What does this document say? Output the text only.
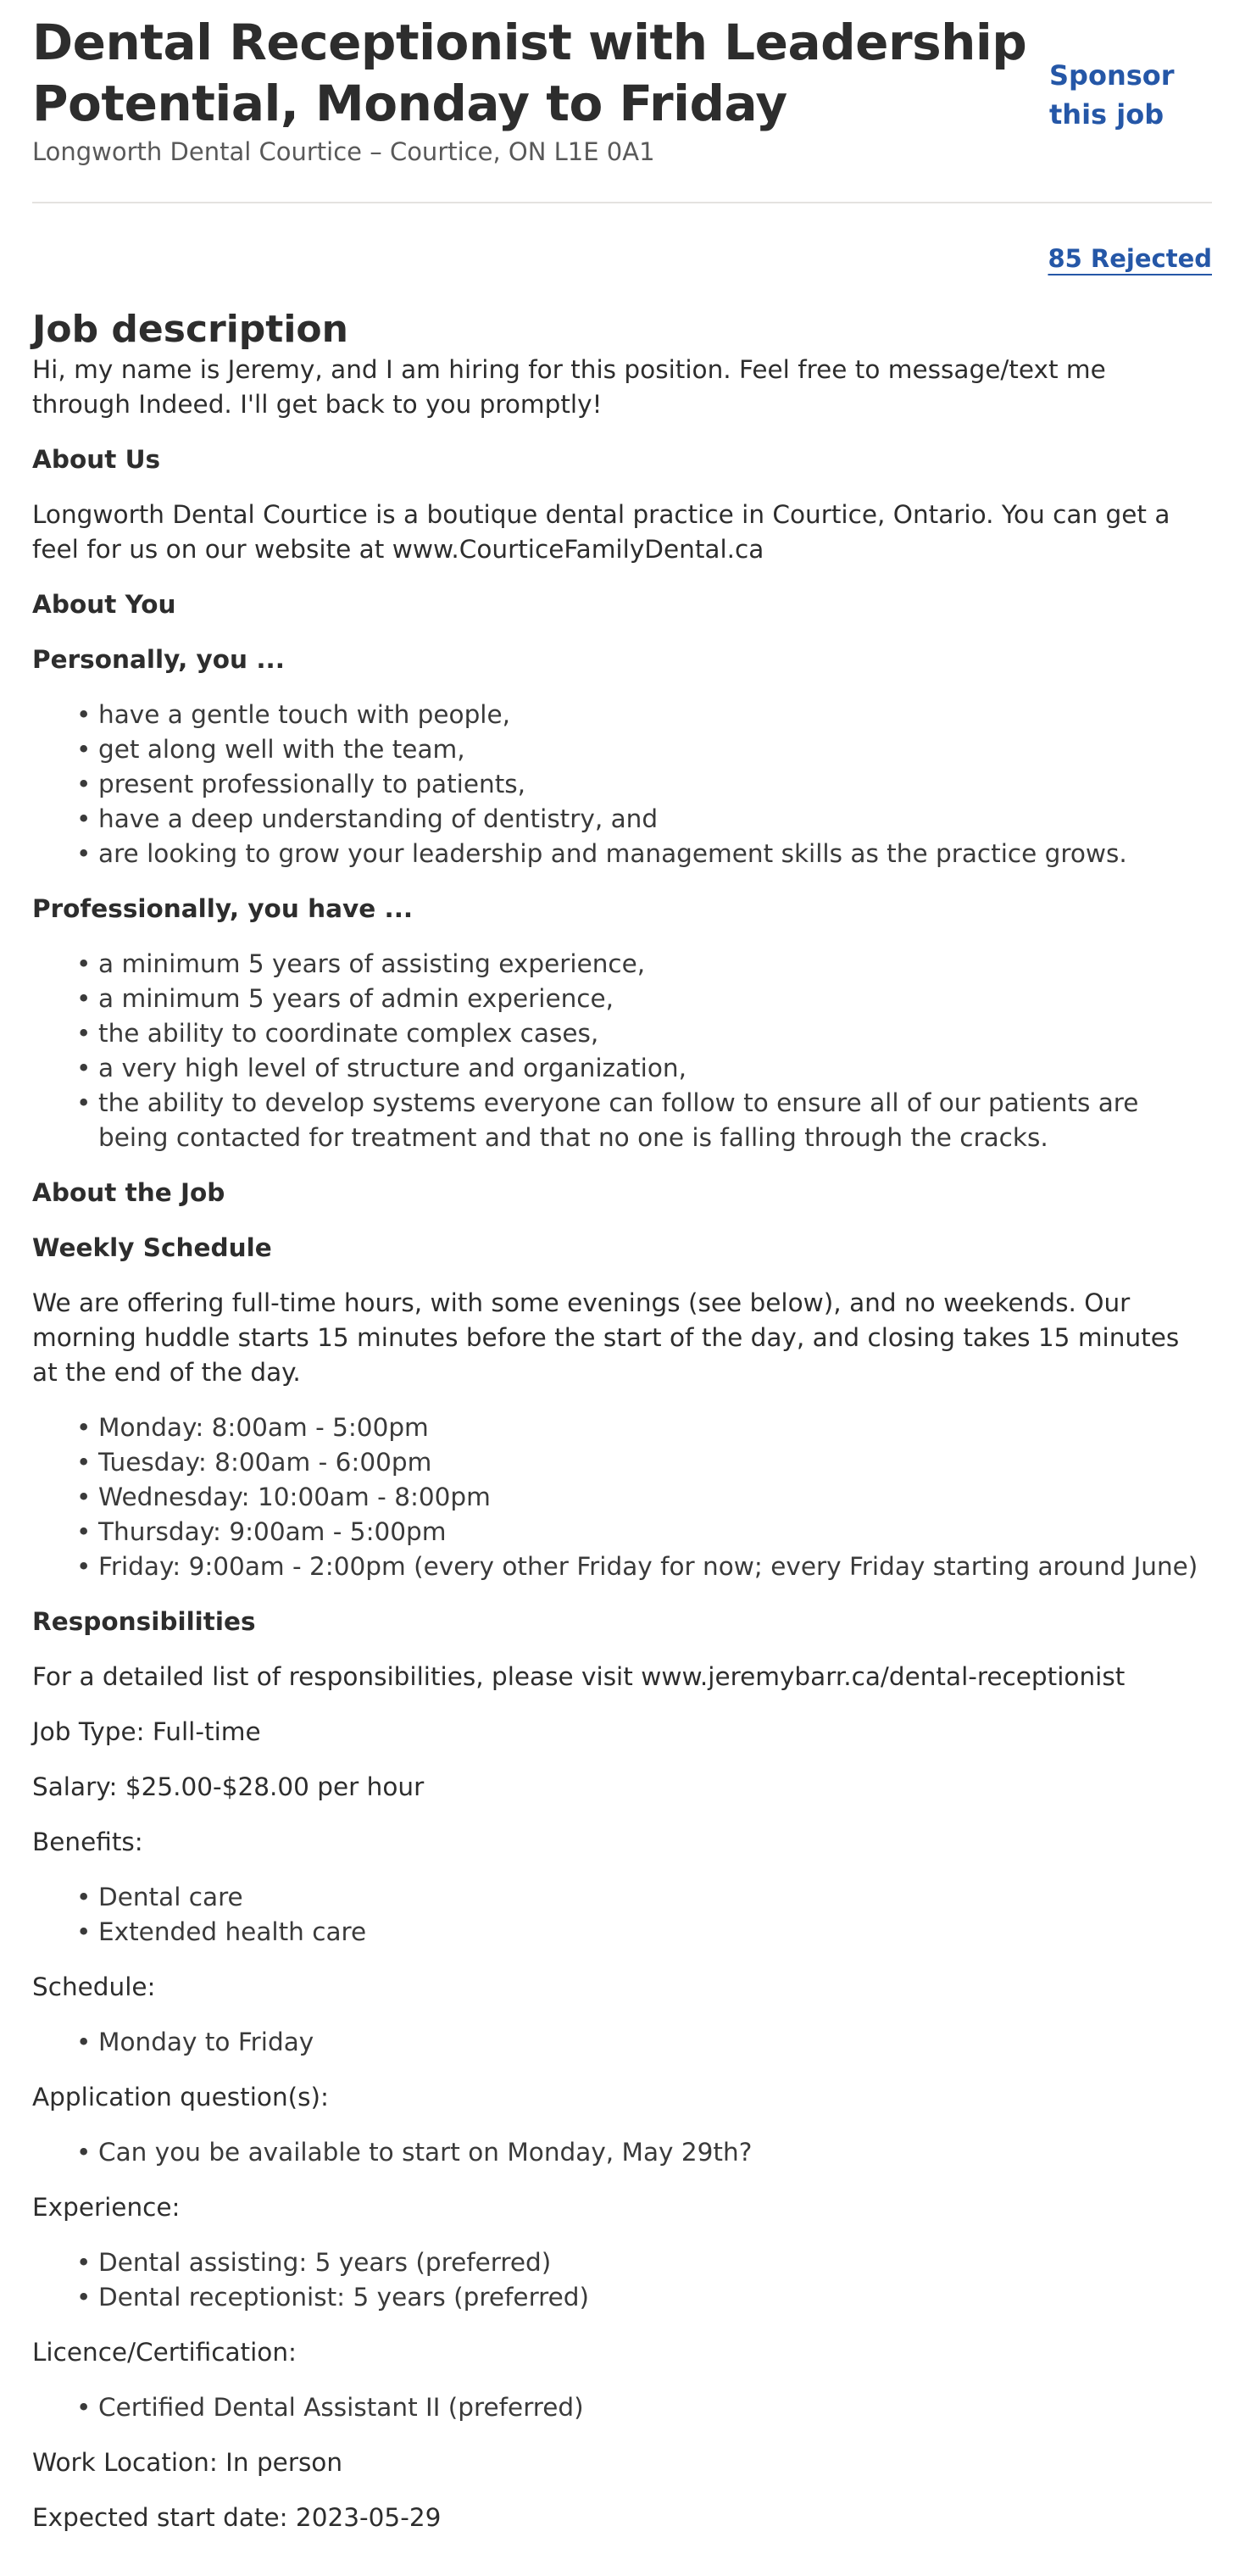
Dental Receptionist with Leadership Potential, Monday to Friday
Longworth Dental Courtice – Courtice, ON L1E 0A1
Sponsor this job
85 Rejected
Job description

Hi, my name is Jeremy, and I am hiring for this position. Feel free to message/text me through Indeed. I'll get back to you promptly!

About Us

Longworth Dental Courtice is a boutique dental practice in Courtice, Ontario. You can get a feel for us on our website at www.CourticeFamilyDental.ca

About You

Personally, you ...

• have a gentle touch with people,
• get along well with the team,
• present professionally to patients,
• have a deep understanding of dentistry, and
• are looking to grow your leadership and management skills as the practice grows.

Professionally, you have ...

• a minimum 5 years of assisting experience,
• a minimum 5 years of admin experience,
• the ability to coordinate complex cases,
• a very high level of structure and organization,
• the ability to develop systems everyone can follow to ensure all of our patients are being contacted for treatment and that no one is falling through the cracks.

About the Job

Weekly Schedule

We are offering full-time hours, with some evenings (see below), and no weekends. Our morning huddle starts 15 minutes before the start of the day, and closing takes 15 minutes at the end of the day.

• Monday: 8:00am - 5:00pm
• Tuesday: 8:00am - 6:00pm
• Wednesday: 10:00am - 8:00pm
• Thursday: 9:00am - 5:00pm
• Friday: 9:00am - 2:00pm (every other Friday for now; every Friday starting around June)

Responsibilities

For a detailed list of responsibilities, please visit www.jeremybarr.ca/dental-receptionist

Job Type: Full-time

Salary: $25.00-$28.00 per hour

Benefits:

• Dental care
• Extended health care

Schedule:

• Monday to Friday

Application question(s):

• Can you be available to start on Monday, May 29th?

Experience:

• Dental assisting: 5 years (preferred)
• Dental receptionist: 5 years (preferred)

Licence/Certification:

• Certified Dental Assistant II (preferred)

Work Location: In person

Expected start date: 2023-05-29
